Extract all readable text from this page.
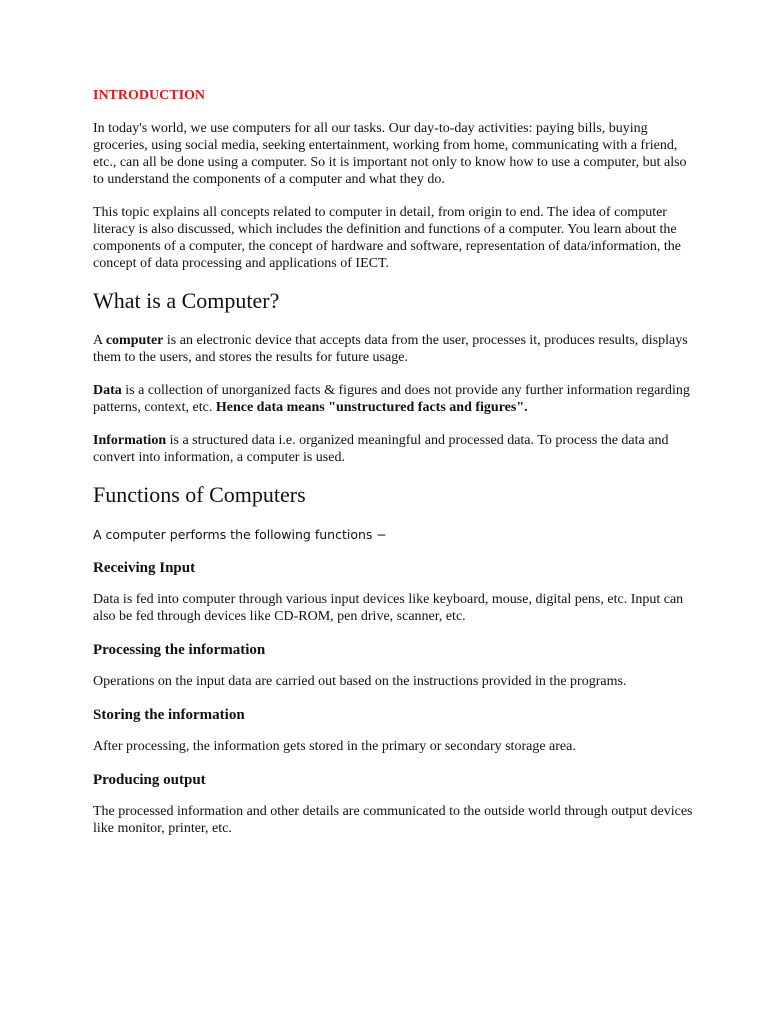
INTRODUCTION

In today's world, we use computers for all our tasks. Our day-to-day activities: paying bills, buying groceries, using social media, seeking entertainment, working from home, communicating with a friend, etc., can all be done using a computer. So it is important not only to know how to use a computer, but also to understand the components of a computer and what they do.

This topic explains all concepts related to computer in detail, from origin to end. The idea of computer literacy is also discussed, which includes the definition and functions of a computer. You learn about the components of a computer, the concept of hardware and software, representation of data/information, the concept of data processing and applications of IECT.

What is a Computer?

A computer is an electronic device that accepts data from the user, processes it, produces results, displays them to the users, and stores the results for future usage.

Data is a collection of unorganized facts & figures and does not provide any further information regarding patterns, context, etc. Hence data means "unstructured facts and figures".

Information is a structured data i.e. organized meaningful and processed data. To process the data and convert into information, a computer is used.

Functions of Computers

A computer performs the following functions −

Receiving Input

Data is fed into computer through various input devices like keyboard, mouse, digital pens, etc. Input can also be fed through devices like CD-ROM, pen drive, scanner, etc.

Processing the information

Operations on the input data are carried out based on the instructions provided in the programs.

Storing the information

After processing, the information gets stored in the primary or secondary storage area.

Producing output

The processed information and other details are communicated to the outside world through output devices like monitor, printer, etc.
